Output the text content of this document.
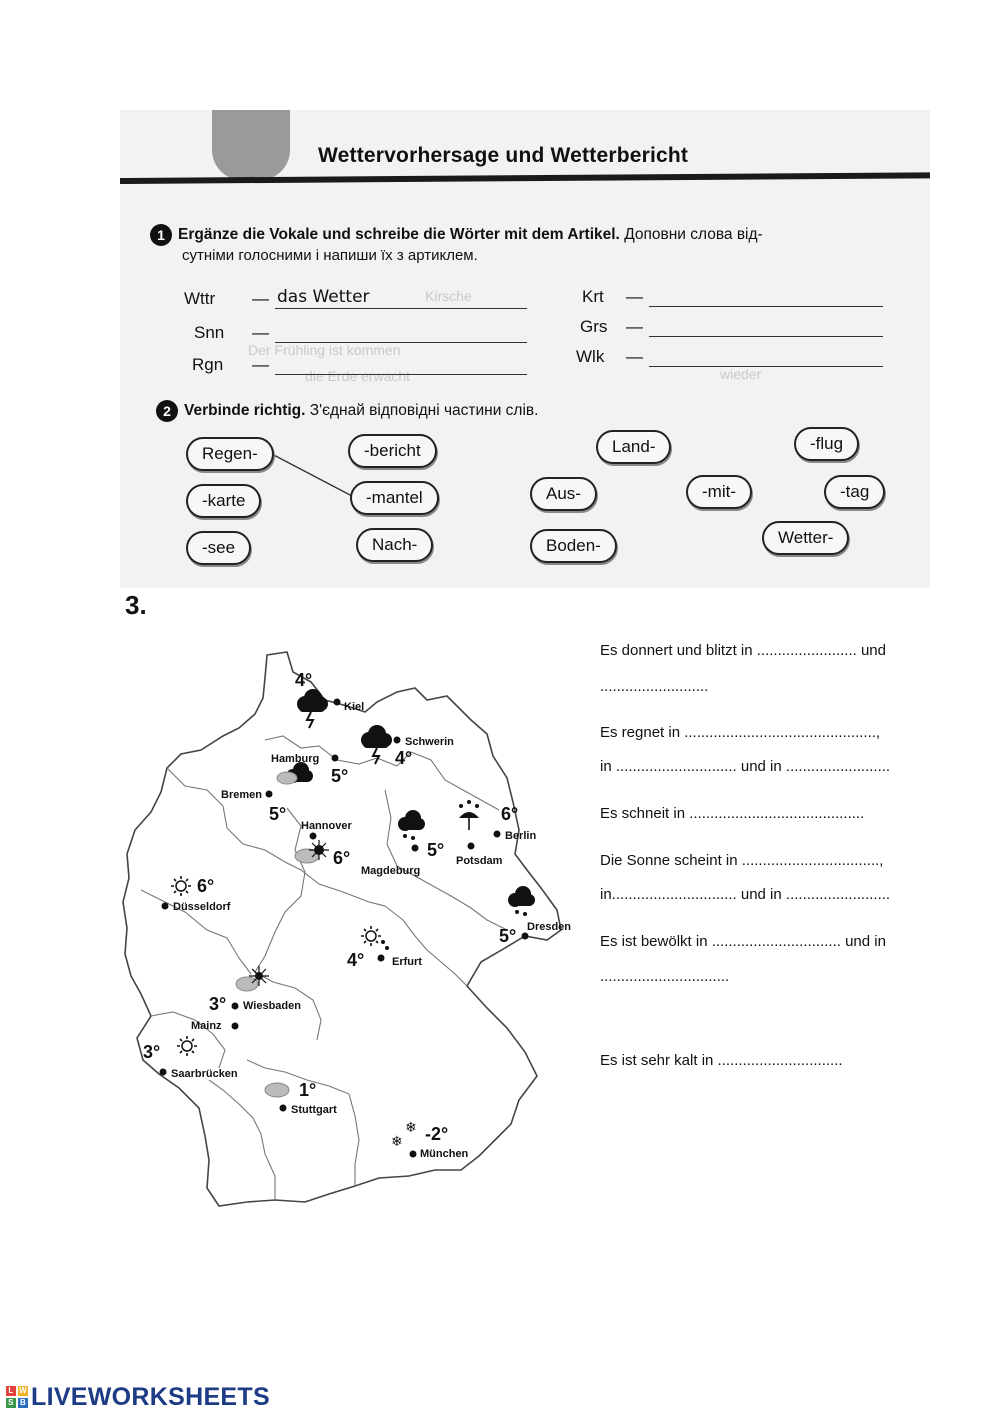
Wettervorhersage und Wetterbericht
Der Frühling ist kommen
die Erde erwacht
Kirsche
wieder
1 Ergänze die Vokale und schreibe die Wörter mit dem Artikel. Доповни слова від-
сутніми голосними і напиши їх з артиклем.
Wttr	— das Wetter
Snn	—
Rgn	—
Krt	—
Grs	—
Wlk	—
2 Verbinde richtig. З'єднай відповідні частини слів.
Regen-	-bericht	Land-	-flug
-karte	-mantel	Aus-	-mit-	-tag
-see	Nach-	Boden-	Wetter-
3.
❄
❄
Kiel
Schwerin
Hamburg
Bremen
Hannover
Berlin
Potsdam
Magdeburg
Düsseldorf
Dresden
Erfurt
Wiesbaden
Mainz
Saarbrücken
Stuttgart
München
4°
4°
5°
5°
6°
6°
5°
6°
5°
4°
3°
3°
1°
-2°
Es donnert und blitzt in ........................ und
..........................
Es regnet in ..............................................,
in ............................. und in .........................
Es schneit in ..........................................
Die Sonne scheint in .................................,
in.............................. und in .........................
Es ist bewölkt in ............................... und in
...............................
Es ist sehr kalt in ..............................
L W
S B LIVEWORKSHEETS
